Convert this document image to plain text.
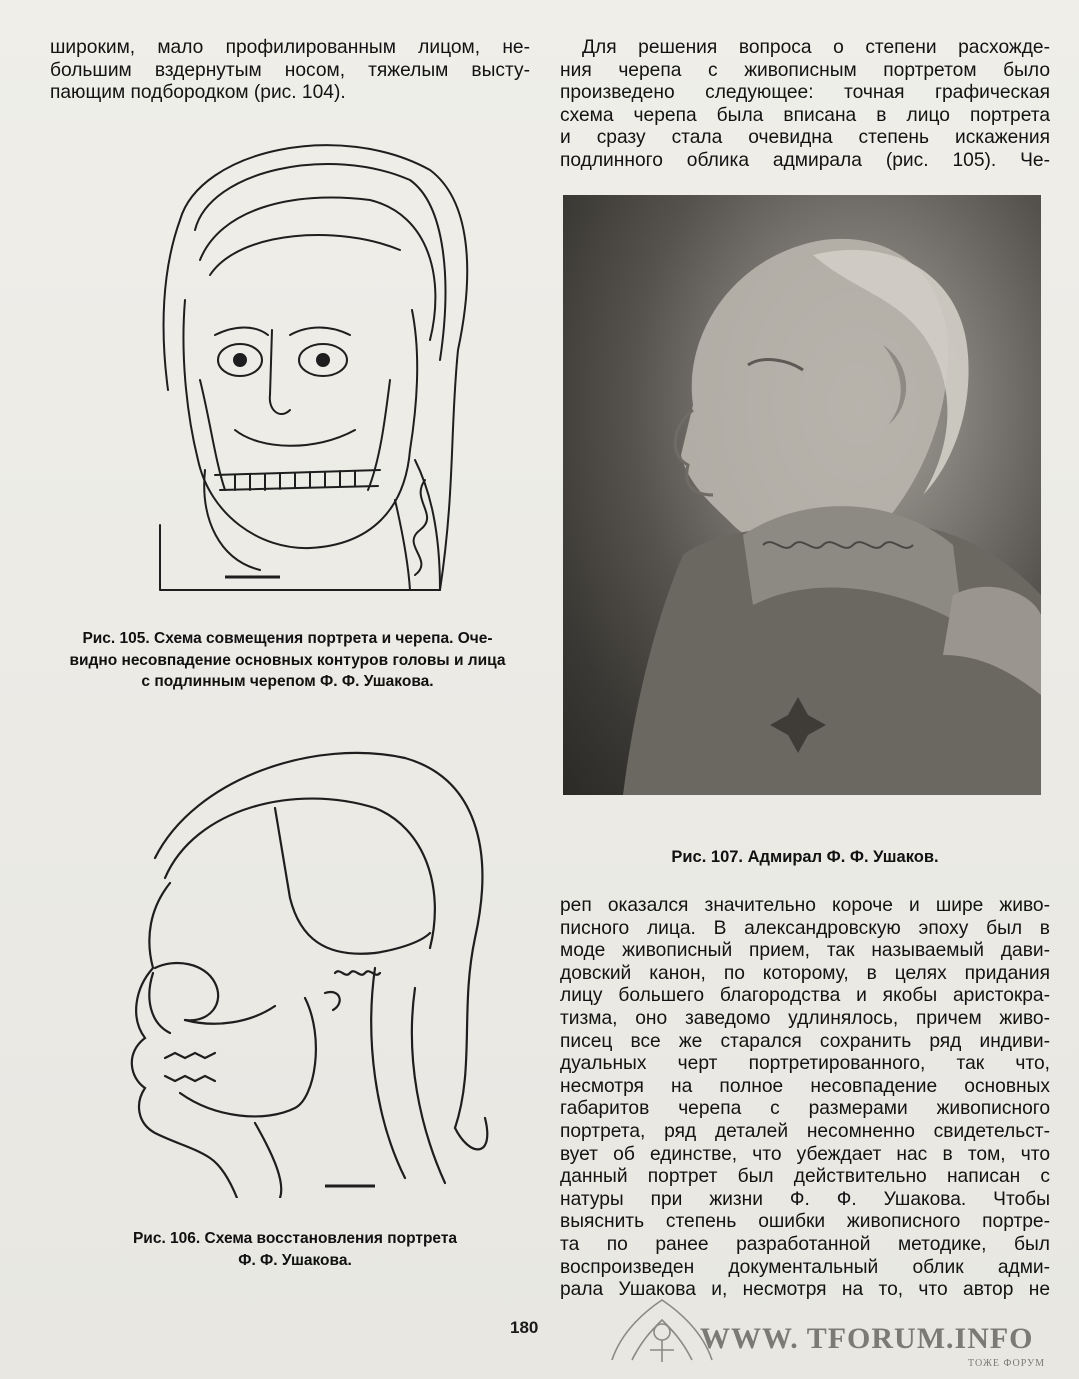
широким, мало профилированным лицом, не-
большим вздернутым носом, тяжелым высту-
пающим подбородком (рис. 104).
Рис. 105. Схема совмещения портрета и черепа. Оче-
видно несовпадение основных контуров головы и лица
с подлинным черепом Ф. Ф. Ушакова.
Рис. 106. Схема восстановления портрета
Ф. Ф. Ушакова.
Для решения вопроса о степени расхожде-
ния черепа с живописным портретом было
произведено следующее: точная графическая
схема черепа была вписана в лицо портрета
и сразу стала очевидна степень искажения
подлинного облика адмирала (рис. 105). Че-
Рис. 107. Адмирал Ф. Ф. Ушаков.
реп оказался значительно короче и шире живо-
писного лица. В александровскую эпоху был в
моде живописный прием, так называемый дави-
довский канон, по которому, в целях придания
лицу большего благородства и якобы аристокра-
тизма, оно заведомо удлинялось, причем живо-
писец все же старался сохранить ряд индиви-
дуальных черт портретированного, так что,
несмотря на полное несовпадение основных
габаритов черепа с размерами живописного
портрета, ряд деталей несомненно свидетельст-
вует об единстве, что убеждает нас в том, что
данный портрет был действительно написан с
натуры при жизни Ф. Ф. Ушакова. Чтобы
выяснить степень ошибки живописного портре-
та по ранее разработанной методике, был
воспроизведен документальный облик адми-
рала Ушакова и, несмотря на то, что автор не
180	WWW. TFORUM.INFO
ТОЖЕ ФОРУМ
